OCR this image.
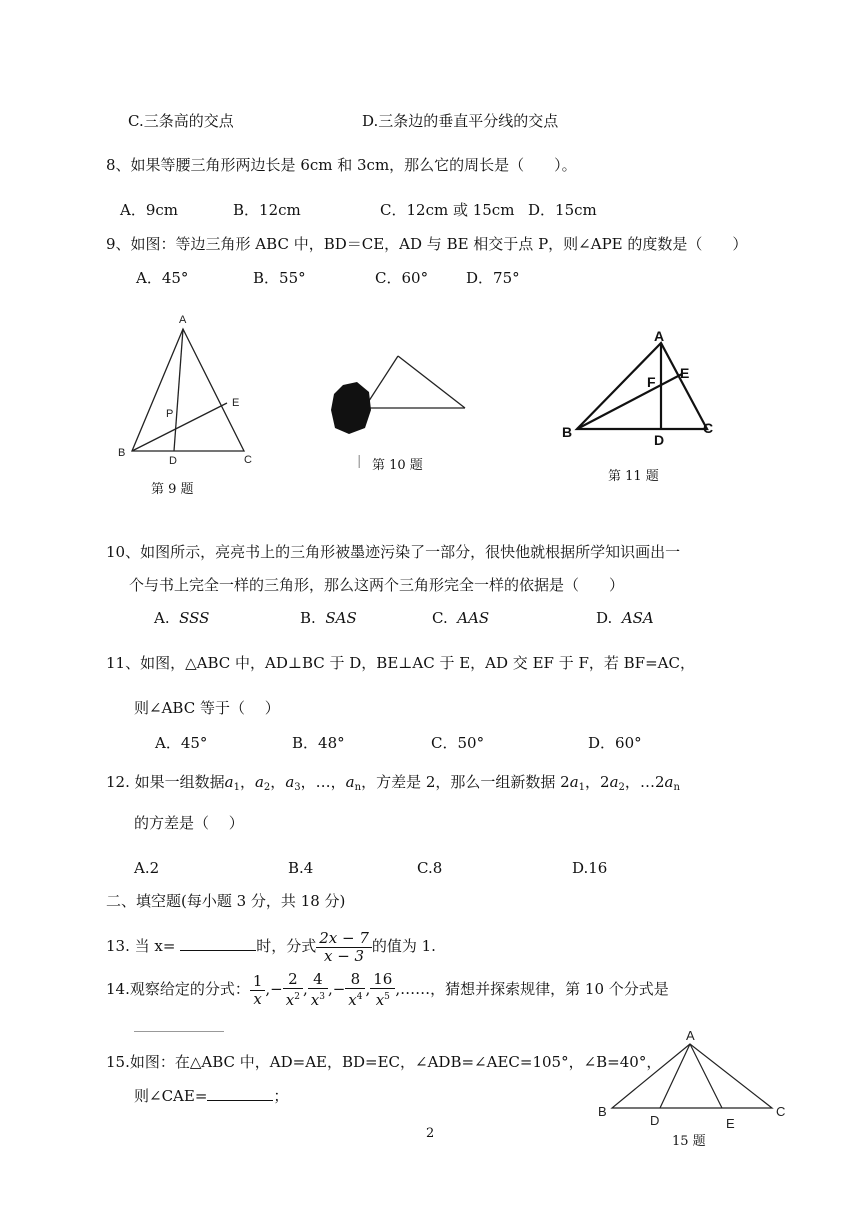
C.三条高的交点	D.三条边的垂直平分线的交点
8、如果等腰三角形两边长是 6cm 和 3cm，那么它的周长是（　　）。
A．9cm	B．12cm	C．12cm 或 15cm D．15cm
9、如图：等边三角形 ABC 中，BD＝CE，AD 与 BE 相交于点 P，则∠APE 的度数是（　　）
A．45°	B．55°	C．60°	D．75°
A
B
C
D
E
P
第 9 题
| 第 10 题
A
B	C
D
E
F
第 11 题
10、如图所示，亮亮书上的三角形被墨迹污染了一部分，很快他就根据所学知识画出一
个与书上完全一样的三角形，那么这两个三角形完全一样的依据是（　　）
A. SSS	B. SAS	C. AAS	D. ASA
11、如图，△ABC 中，AD⊥BC 于 D，BE⊥AC 于 E，AD 交 EF 于 F，若 BF=AC，
则∠ABC 等于（　 ）
A．45°	B．48°	C．50°	D．60°
12. 如果一组数据$a_1$，$a_2$，$a_3$，…，$a_n$，方差是 2，那么一组新数据 $2a_1$，$2a_2$，$\dots 2a_n$
的方差是（　 ）
A.2	B.4	C.8	D.16
二、填空题(每小题 3 分，共 18 分)
13. 当 x=	时，分式 $\frac{2x - 7}{x - 3}$ 的值为 1.
14.观察给定的分式： $\frac{1}{x}$ ,− $\frac{2}{x^2}$ , $\frac{4}{x^3}$ ,− $\frac{8}{x^4}$ , $\frac{16}{x^5}$ ,……，猜想并探索规律，第 10 个分式是
15.如图：在△ABC 中，AD=AE，BD=EC，∠ADB=∠AEC=105°，∠B=40°，
则∠CAE=	；
A
B	C
D	E
15 题
2
